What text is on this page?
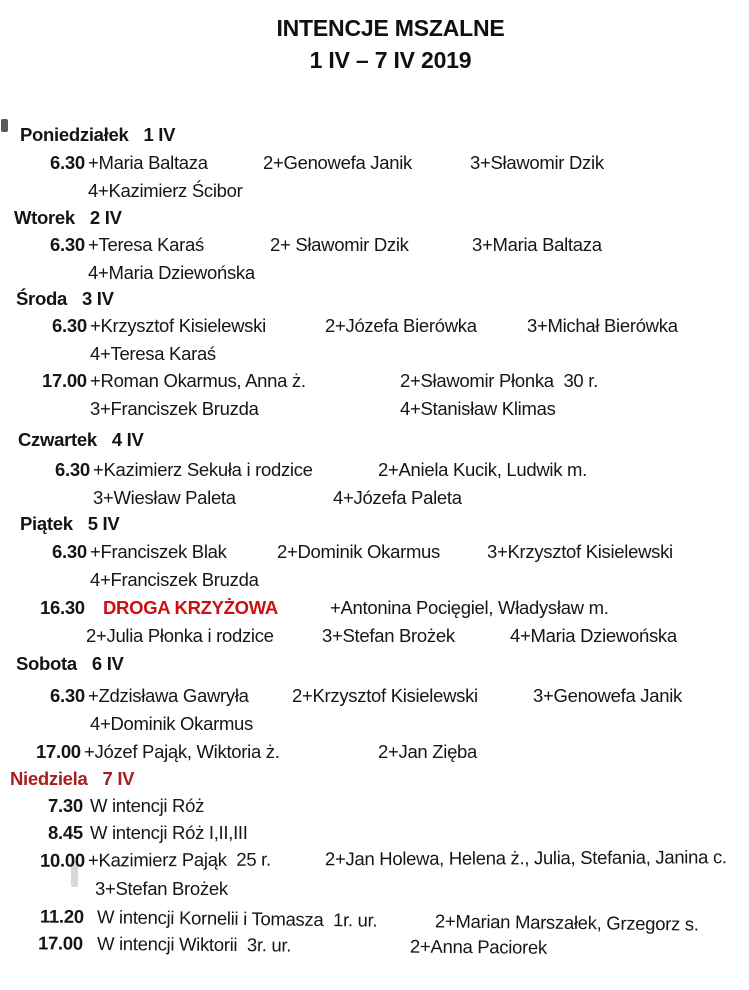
INTENCJE MSZALNE
1 IV – 7 IV 2019
Poniedziałek 1 IV
6.30 +Maria Baltaza	2+Genowefa Janik	3+Sławomir Dzik
4+Kazimierz Ścibor
Wtorek 2 IV
6.30 +Teresa Karaś	2+ Sławomir Dzik	3+Maria Baltaza
4+Maria Dziewońska
Środa 3 IV
6.30 +Krzysztof Kisielewski	2+Józefa Bierówka	3+Michał Bierówka
4+Teresa Karaś
17.00 +Roman Okarmus, Anna ż.	2+Sławomir Płonka  30 r.
3+Franciszek Bruzda	4+Stanisław Klimas
Czwartek 4 IV
6.30 +Kazimierz Sekuła i rodzice	2+Aniela Kucik, Ludwik m.
3+Wiesław Paleta	4+Józefa Paleta
Piątek 5 IV
6.30 +Franciszek Blak	2+Dominik Okarmus	3+Krzysztof Kisielewski
4+Franciszek Bruzda
16.30 DROGA KRZYŻOWA	+Antonina Pocięgiel, Władysław m.
2+Julia Płonka i rodzice	3+Stefan Brożek	4+Maria Dziewońska
Sobota 6 IV
6.30 +Zdzisława Gawryła 2+Krzysztof Kisielewski	3+Genowefa Janik
4+Dominik Okarmus
17.00 +Józef Pająk, Wiktoria ż.	2+Jan Zięba
Niedziela 7 IV
7.30 W intencji Róż
8.45 W intencji Róż I,II,III
10.00 +Kazimierz Pająk  25 r.	2+Jan Holewa, Helena ż., Julia, Stefania, Janina c.
3+Stefan Brożek
11.20 W intencji Kornelii i Tomasza  1r. ur.	2+Marian Marszałek, Grzegorz s.
17.00 W intencji Wiktorii  3r. ur.	2+Anna Paciorek
